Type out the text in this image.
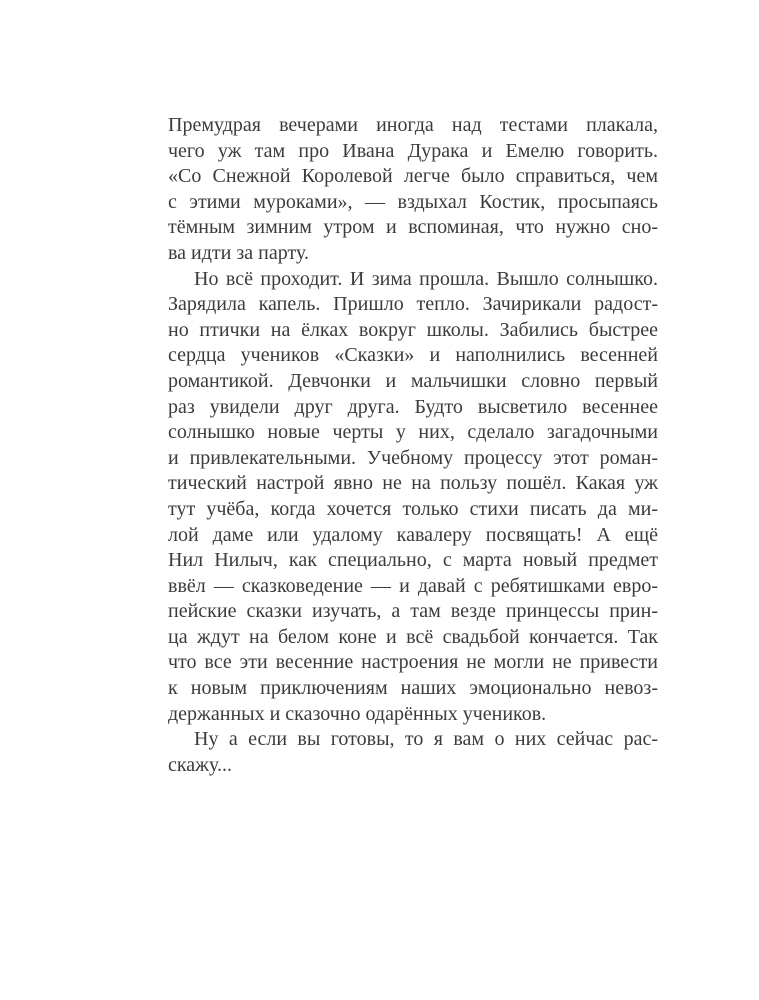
Премудрая вечерами иногда над тестами плакала,
чего уж там про Ивана Дурака и Емелю говорить.
«Со Снежной Королевой легче было справиться, чем
с этими муроками», — вздыхал Костик, просыпаясь
тёмным зимним утром и вспоминая, что нужно сно-
ва идти за парту.

Но всё проходит. И зима прошла. Вышло солнышко.
Зарядила капель. Пришло тепло. Зачирикали радост-
но птички на ёлках вокруг школы. Забились быстрее
сердца учеников «Сказки» и наполнились весенней
романтикой. Девчонки и мальчишки словно первый
раз увидели друг друга. Будто высветило весеннее
солнышко новые черты у них, сделало загадочными
и привлекательными. Учебному процессу этот роман-
тический настрой явно не на пользу пошёл. Какая уж
тут учёба, когда хочется только стихи писать да ми-
лой даме или удалому кавалеру посвящать! А ещё
Нил Нилыч, как специально, с марта новый предмет
ввёл — сказковедение — и давай с ребятишками евро-
пейские сказки изучать, а там везде принцессы прин-
ца ждут на белом коне и всё свадьбой кончается. Так
что все эти весенние настроения не могли не привести
к новым приключениям наших эмоционально невоз-
держанных и сказочно одарённых учеников.

Ну а если вы готовы, то я вам о них сейчас рас-
скажу...
